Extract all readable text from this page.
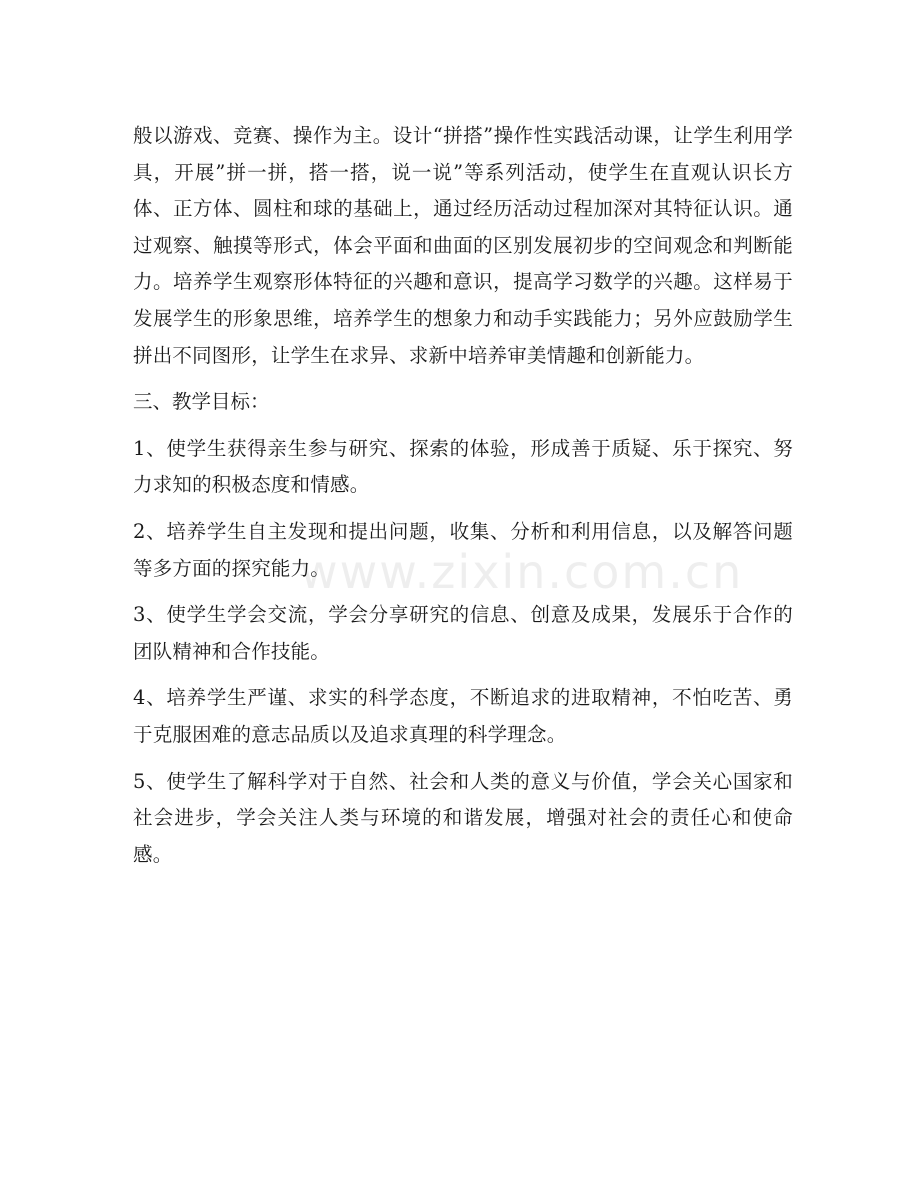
www.zixin.com.cn

般以游戏、竞赛、操作为主。设计“拼搭”操作性实践活动课，让学生利用学具，开展”拼一拼，搭一搭，说一说”等系列活动，使学生在直观认识长方体、正方体、圆柱和球的基础上，通过经历活动过程加深对其特征认识。通过观察、触摸等形式，体会平面和曲面的区别发展初步的空间观念和判断能力。培养学生观察形体特征的兴趣和意识，提高学习数学的兴趣。这样易于发展学生的形象思维，培养学生的想象力和动手实践能力；另外应鼓励学生拼出不同图形，让学生在求异、求新中培养审美情趣和创新能力。

三、教学目标：

1、使学生获得亲生参与研究、探索的体验，形成善于质疑、乐于探究、努力求知的积极态度和情感。

2、培养学生自主发现和提出问题，收集、分析和利用信息，以及解答问题等多方面的探究能力。

3、使学生学会交流，学会分享研究的信息、创意及成果，发展乐于合作的团队精神和合作技能。

4、培养学生严谨、求实的科学态度，不断追求的进取精神，不怕吃苦、勇于克服困难的意志品质以及追求真理的科学理念。

5、使学生了解科学对于自然、社会和人类的意义与价值，学会关心国家和社会进步，学会关注人类与环境的和谐发展，增强对社会的责任心和使命感。
